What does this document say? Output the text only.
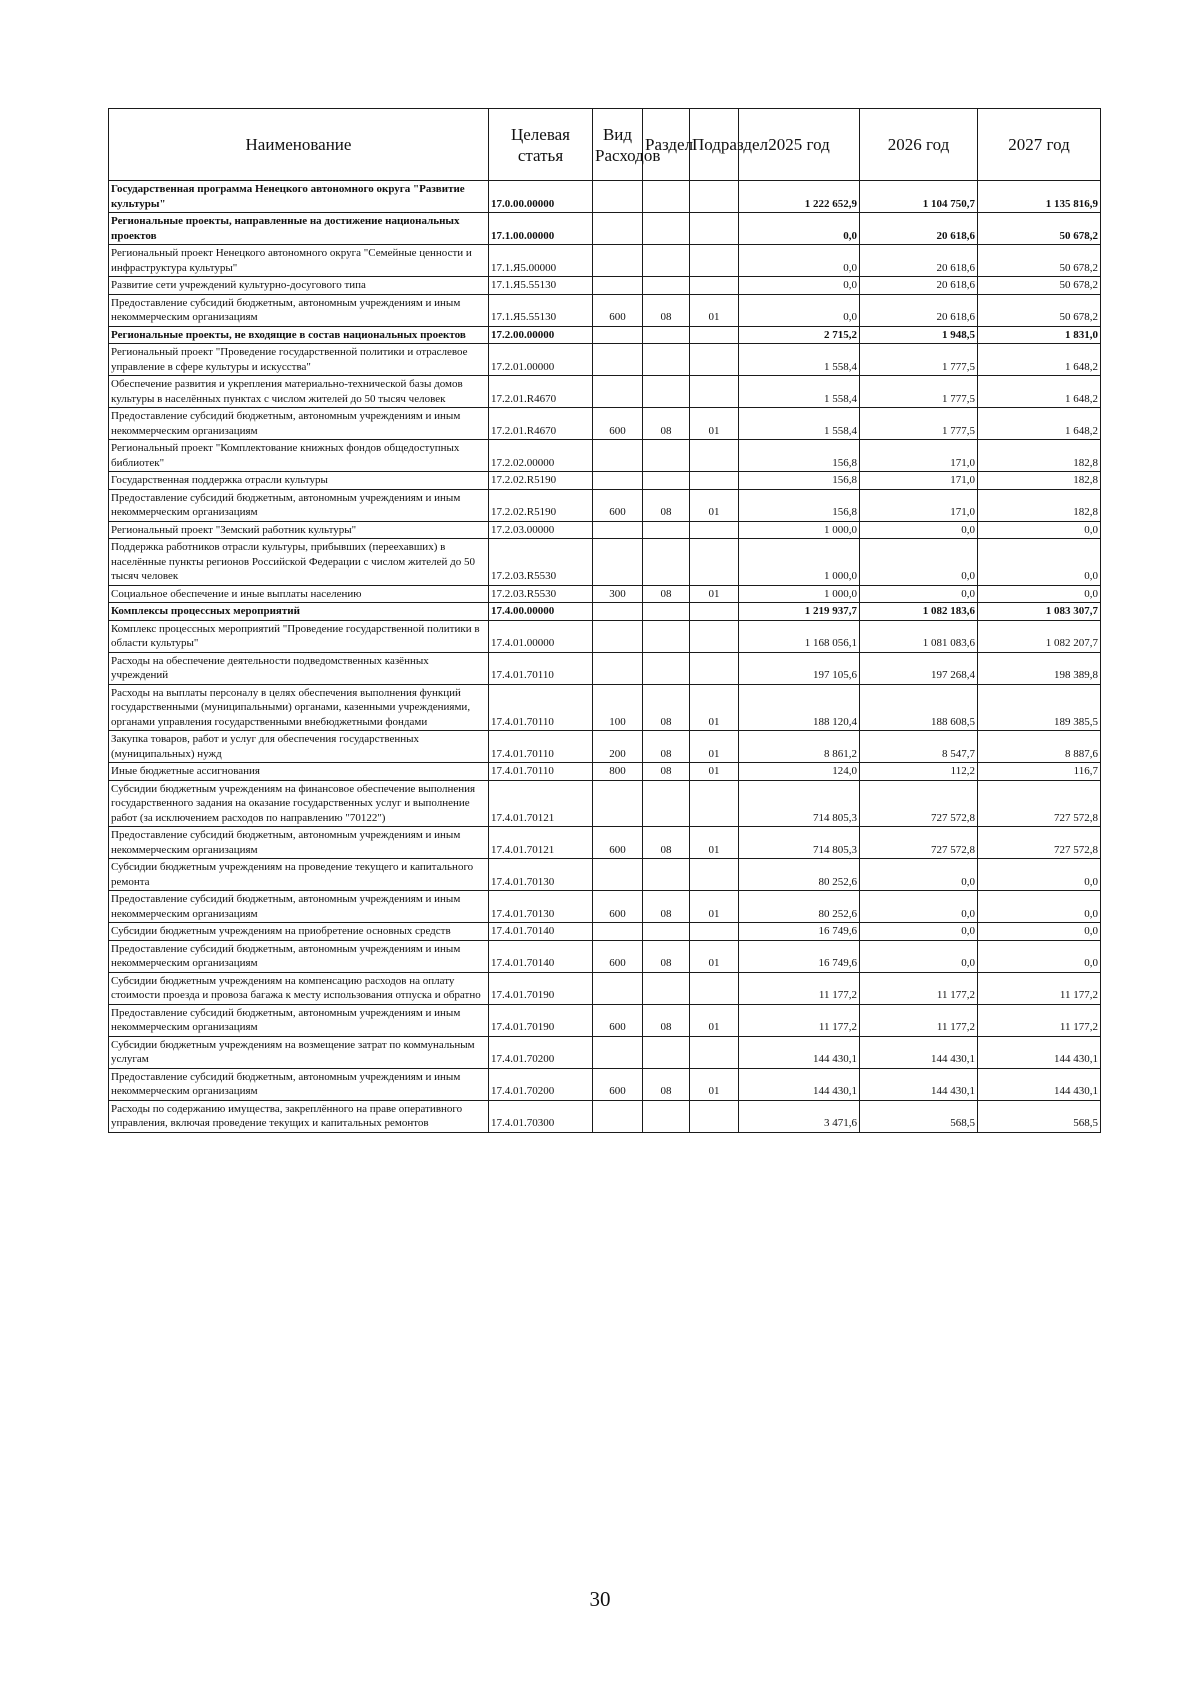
Наименование	Целевая статья	Вид Расходов	Раздел	Подраздел	2025 год	2026 год	2027 год
Государственная программа Ненецкого автономного округа "Развитие культуры"	17.0.00.00000				1 222 652,9	1 104 750,7	1 135 816,9
Региональные проекты, направленные на достижение национальных проектов	17.1.00.00000				0,0	20 618,6	50 678,2
Региональный проект Ненецкого автономного округа "Семейные ценности и инфраструктура культуры"	17.1.Я5.00000				0,0	20 618,6	50 678,2
Развитие сети учреждений культурно-досугового типа	17.1.Я5.55130				0,0	20 618,6	50 678,2
Предоставление субсидий бюджетным, автономным учреждениям и иным некоммерческим организациям	17.1.Я5.55130	600	08	01	0,0	20 618,6	50 678,2
Региональные проекты, не входящие в состав национальных проектов	17.2.00.00000				2 715,2	1 948,5	1 831,0
Региональный проект "Проведение государственной политики и отраслевое управление в сфере культуры и искусства"	17.2.01.00000				1 558,4	1 777,5	1 648,2
Обеспечение развития и укрепления материально-технической базы домов культуры в населённых пунктах с числом жителей до 50 тысяч человек	17.2.01.R4670				1 558,4	1 777,5	1 648,2
Предоставление субсидий бюджетным, автономным учреждениям и иным некоммерческим организациям	17.2.01.R4670	600	08	01	1 558,4	1 777,5	1 648,2
Региональный проект "Комплектование книжных фондов общедоступных библиотек"	17.2.02.00000				156,8	171,0	182,8
Государственная поддержка отрасли культуры	17.2.02.R5190				156,8	171,0	182,8
Предоставление субсидий бюджетным, автономным учреждениям и иным некоммерческим организациям	17.2.02.R5190	600	08	01	156,8	171,0	182,8
Региональный проект "Земский работник культуры"	17.2.03.00000				1 000,0	0,0	0,0
Поддержка работников отрасли культуры, прибывших (переехавших) в населённые пункты регионов Российской Федерации с числом жителей до 50 тысяч человек	17.2.03.R5530				1 000,0	0,0	0,0
Социальное обеспечение и иные выплаты населению	17.2.03.R5530	300	08	01	1 000,0	0,0	0,0
Комплексы процессных мероприятий	17.4.00.00000				1 219 937,7	1 082 183,6	1 083 307,7
Комплекс процессных мероприятий "Проведение государственной политики в области культуры"	17.4.01.00000				1 168 056,1	1 081 083,6	1 082 207,7
Расходы на обеспечение деятельности подведомственных казённых учреждений	17.4.01.70110				197 105,6	197 268,4	198 389,8
Расходы на выплаты персоналу в целях обеспечения выполнения функций государственными (муниципальными) органами, казенными учреждениями, органами управления государственными внебюджетными фондами	17.4.01.70110	100	08	01	188 120,4	188 608,5	189 385,5
Закупка товаров, работ и услуг для обеспечения государственных (муниципальных) нужд	17.4.01.70110	200	08	01	8 861,2	8 547,7	8 887,6
Иные бюджетные ассигнования	17.4.01.70110	800	08	01	124,0	112,2	116,7
Субсидии бюджетным учреждениям на финансовое обеспечение выполнения государственного задания на оказание государственных услуг и выполнение работ (за исключением расходов по направлению "70122")	17.4.01.70121				714 805,3	727 572,8	727 572,8
Предоставление субсидий бюджетным, автономным учреждениям и иным некоммерческим организациям	17.4.01.70121	600	08	01	714 805,3	727 572,8	727 572,8
Субсидии бюджетным учреждениям на проведение текущего и капитального ремонта	17.4.01.70130				80 252,6	0,0	0,0
Предоставление субсидий бюджетным, автономным учреждениям и иным некоммерческим организациям	17.4.01.70130	600	08	01	80 252,6	0,0	0,0
Субсидии бюджетным учреждениям на приобретение основных средств	17.4.01.70140				16 749,6	0,0	0,0
Предоставление субсидий бюджетным, автономным учреждениям и иным некоммерческим организациям	17.4.01.70140	600	08	01	16 749,6	0,0	0,0
Субсидии бюджетным учреждениям на компенсацию расходов на оплату стоимости проезда и провоза багажа к месту использования отпуска и обратно	17.4.01.70190				11 177,2	11 177,2	11 177,2
Предоставление субсидий бюджетным, автономным учреждениям и иным некоммерческим организациям	17.4.01.70190	600	08	01	11 177,2	11 177,2	11 177,2
Субсидии бюджетным учреждениям на возмещение затрат по коммунальным услугам	17.4.01.70200				144 430,1	144 430,1	144 430,1
Предоставление субсидий бюджетным, автономным учреждениям и иным некоммерческим организациям	17.4.01.70200	600	08	01	144 430,1	144 430,1	144 430,1
Расходы по содержанию имущества, закреплённого на праве оперативного управления, включая проведение текущих и капитальных ремонтов	17.4.01.70300				3 471,6	568,5	568,5
30
